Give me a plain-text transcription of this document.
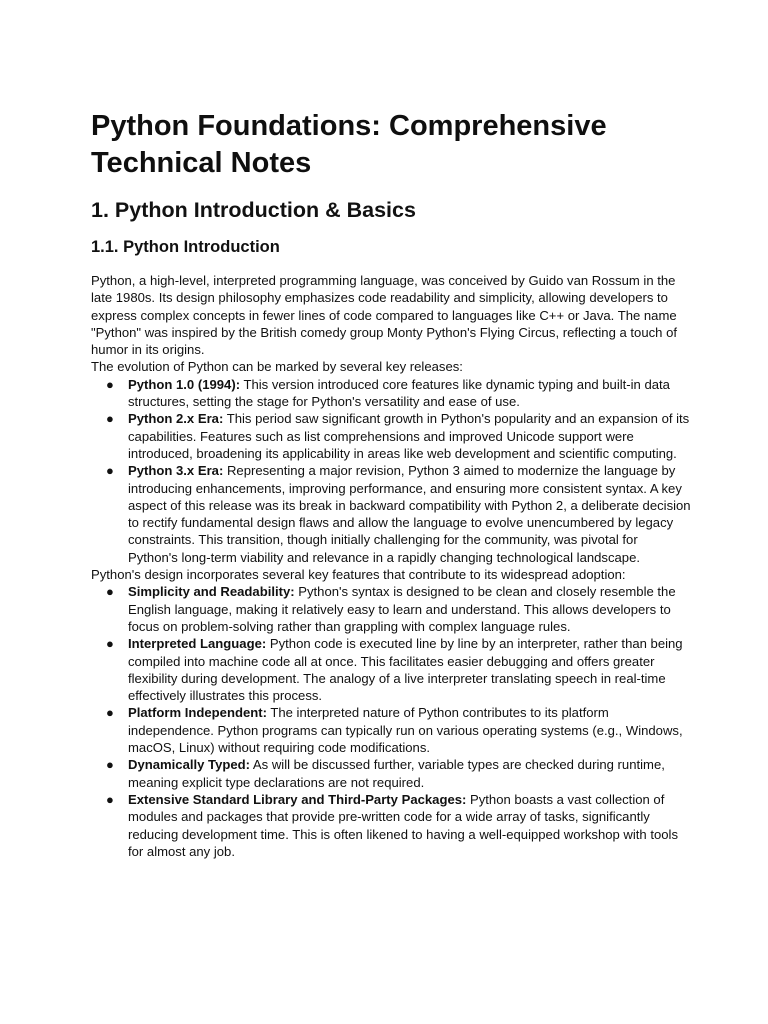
Python Foundations: Comprehensive Technical Notes
1. Python Introduction & Basics
1.1. Python Introduction

Python, a high-level, interpreted programming language, was conceived by Guido van Rossum in the late 1980s. Its design philosophy emphasizes code readability and simplicity, allowing developers to express complex concepts in fewer lines of code compared to languages like C++ or Java. The name "Python" was inspired by the British comedy group Monty Python's Flying Circus, reflecting a touch of humor in its origins.

The evolution of Python can be marked by several key releases:

● Python 1.0 (1994): This version introduced core features like dynamic typing and built-in data structures, setting the stage for Python's versatility and ease of use.
● Python 2.x Era: This period saw significant growth in Python's popularity and an expansion of its capabilities. Features such as list comprehensions and improved Unicode support were introduced, broadening its applicability in areas like web development and scientific computing.
● Python 3.x Era: Representing a major revision, Python 3 aimed to modernize the language by introducing enhancements, improving performance, and ensuring more consistent syntax. A key aspect of this release was its break in backward compatibility with Python 2, a deliberate decision to rectify fundamental design flaws and allow the language to evolve unencumbered by legacy constraints. This transition, though initially challenging for the community, was pivotal for Python's long-term viability and relevance in a rapidly changing technological landscape.

Python's design incorporates several key features that contribute to its widespread adoption:

● Simplicity and Readability: Python's syntax is designed to be clean and closely resemble the English language, making it relatively easy to learn and understand. This allows developers to focus on problem-solving rather than grappling with complex language rules.
● Interpreted Language: Python code is executed line by line by an interpreter, rather than being compiled into machine code all at once. This facilitates easier debugging and offers greater flexibility during development. The analogy of a live interpreter translating speech in real-time effectively illustrates this process.
● Platform Independent: The interpreted nature of Python contributes to its platform independence. Python programs can typically run on various operating systems (e.g., Windows, macOS, Linux) without requiring code modifications.
● Dynamically Typed: As will be discussed further, variable types are checked during runtime, meaning explicit type declarations are not required.
● Extensive Standard Library and Third-Party Packages: Python boasts a vast collection of modules and packages that provide pre-written code for a wide array of tasks, significantly reducing development time. This is often likened to having a well-equipped workshop with tools for almost any job.
